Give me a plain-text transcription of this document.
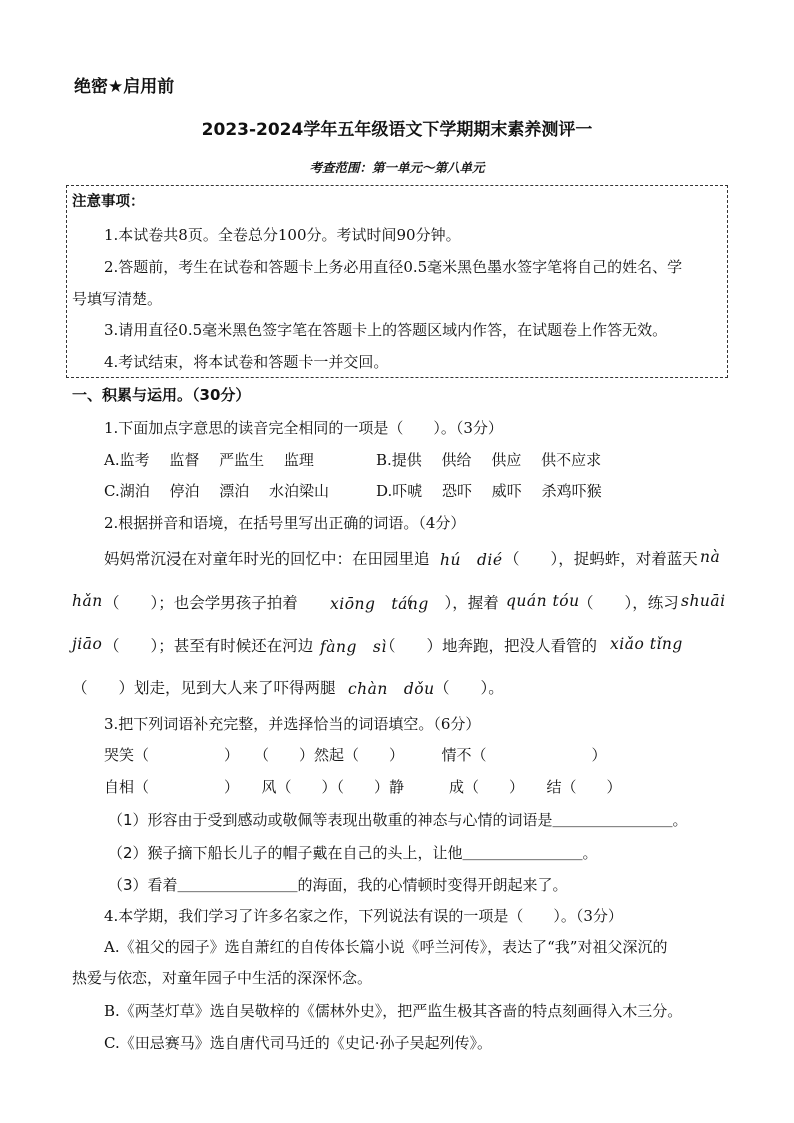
绝密★启用前
2023-2024学年五年级语文下学期期末素养测评一
考查范围：第一单元～第八单元
注意事项：
1.本试卷共8页。全卷总分100分。考试时间90分钟。
2.答题前，考生在试卷和答题卡上务必用直径0.5毫米黑色墨水签字笔将自己的姓名、学
号填写清楚。
3.请用直径0.5毫米黑色签字笔在答题卡上的答题区域内作答，在试题卷上作答无效。
4.考试结束，将本试卷和答题卡一并交回。
一、积累与运用。（30分）
1.下面加点字意思的读音完全相同的一项是（　　）。（3分）
A.监考　 监督　 严监生　 监理	B.提供　 供给　 供应　 供不应求
C.湖泊　 停泊　 漂泊　 水泊梁山	D.吓唬　 恐吓　 威吓　 杀鸡吓猴
2.根据拼音和语境，在括号里写出正确的词语。（4分）
妈妈常沉浸在对童年时光的回忆中：在田园里追 hú　dié （　　），捉蚂蚱，对着蓝天 nà
hǎn （　　）；也会学男孩子拍着 xiōng　táng
（　　），握着 quán tóu
（　　），练习 shuāi
jiāo （　　）；甚至有时候还在河边 fàng　sì
（　　）地奔跑，把没人看管的 xiǎo tǐng
（　　）划走，见到大人来了吓得两腿 chàn　dǒu （　　）。
3.把下列词语补充完整，并选择恰当的词语填空。（6分）
哭笑（　　　　　）　　（　　）然起（　　）　　　情不（　　　　　　　）
自相（　　　　　）　　风（　　）（　　）静　　　成（　　）　　结（　　）
（1）形容由于受到感动或敬佩等表现出敬重的神态与心情的词语是＿＿＿＿＿＿＿＿。
（2）猴子摘下船长儿子的帽子戴在自己的头上，让他＿＿＿＿＿＿＿＿。
（3）看着＿＿＿＿＿＿＿＿的海面，我的心情顿时变得开朗起来了。
4.本学期，我们学习了许多名家之作，下列说法有误的一项是（　　）。（3分）
A.《祖父的园子》选自萧红的自传体长篇小说《呼兰河传》，表达了“我”对祖父深沉的
热爱与依恋，对童年园子中生活的深深怀念。
B.《两茎灯草》选自吴敬梓的《儒林外史》，把严监生极其吝啬的特点刻画得入木三分。
C.《田忌赛马》选自唐代司马迁的《史记·孙子吴起列传》。
